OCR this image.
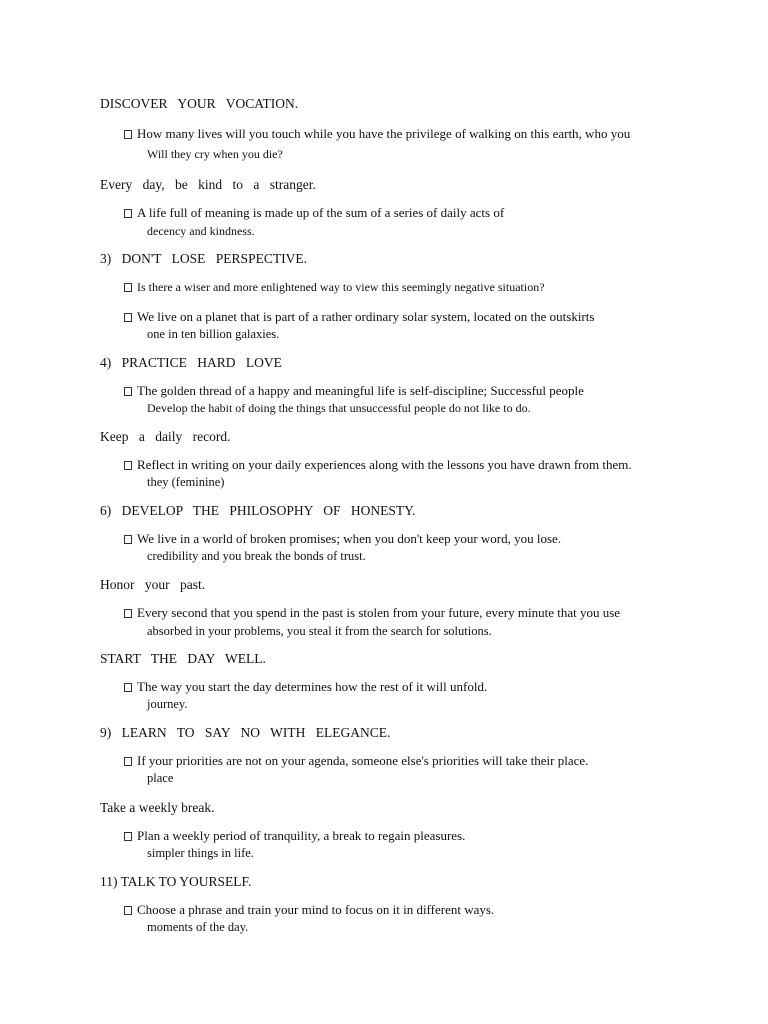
DISCOVER YOUR VOCATION.
How many lives will you touch while you have the privilege of walking on this earth, who you
Will they cry when you die?
Every day, be kind to a stranger.
A life full of meaning is made up of the sum of a series of daily acts of
decency and kindness.
3) DON'T LOSE PERSPECTIVE.
Is there a wiser and more enlightened way to view this seemingly negative situation?
We live on a planet that is part of a rather ordinary solar system, located on the outskirts
one in ten billion galaxies.
4) PRACTICE HARD LOVE
The golden thread of a happy and meaningful life is self-discipline; Successful people
Develop the habit of doing the things that unsuccessful people do not like to do.
Keep a daily record.
Reflect in writing on your daily experiences along with the lessons you have drawn from them.
they (feminine)
6) DEVELOP THE PHILOSOPHY OF HONESTY.
We live in a world of broken promises; when you don't keep your word, you lose.
credibility and you break the bonds of trust.
Honor your past.
Every second that you spend in the past is stolen from your future, every minute that you use
absorbed in your problems, you steal it from the search for solutions.
START THE DAY WELL.
The way you start the day determines how the rest of it will unfold.
journey.
9) LEARN TO SAY NO WITH ELEGANCE.
If your priorities are not on your agenda, someone else's priorities will take their place.
place
Take a weekly break.
Plan a weekly period of tranquility, a break to regain pleasures.
simpler things in life.
11) TALK TO YOURSELF.
Choose a phrase and train your mind to focus on it in different ways.
moments of the day.
